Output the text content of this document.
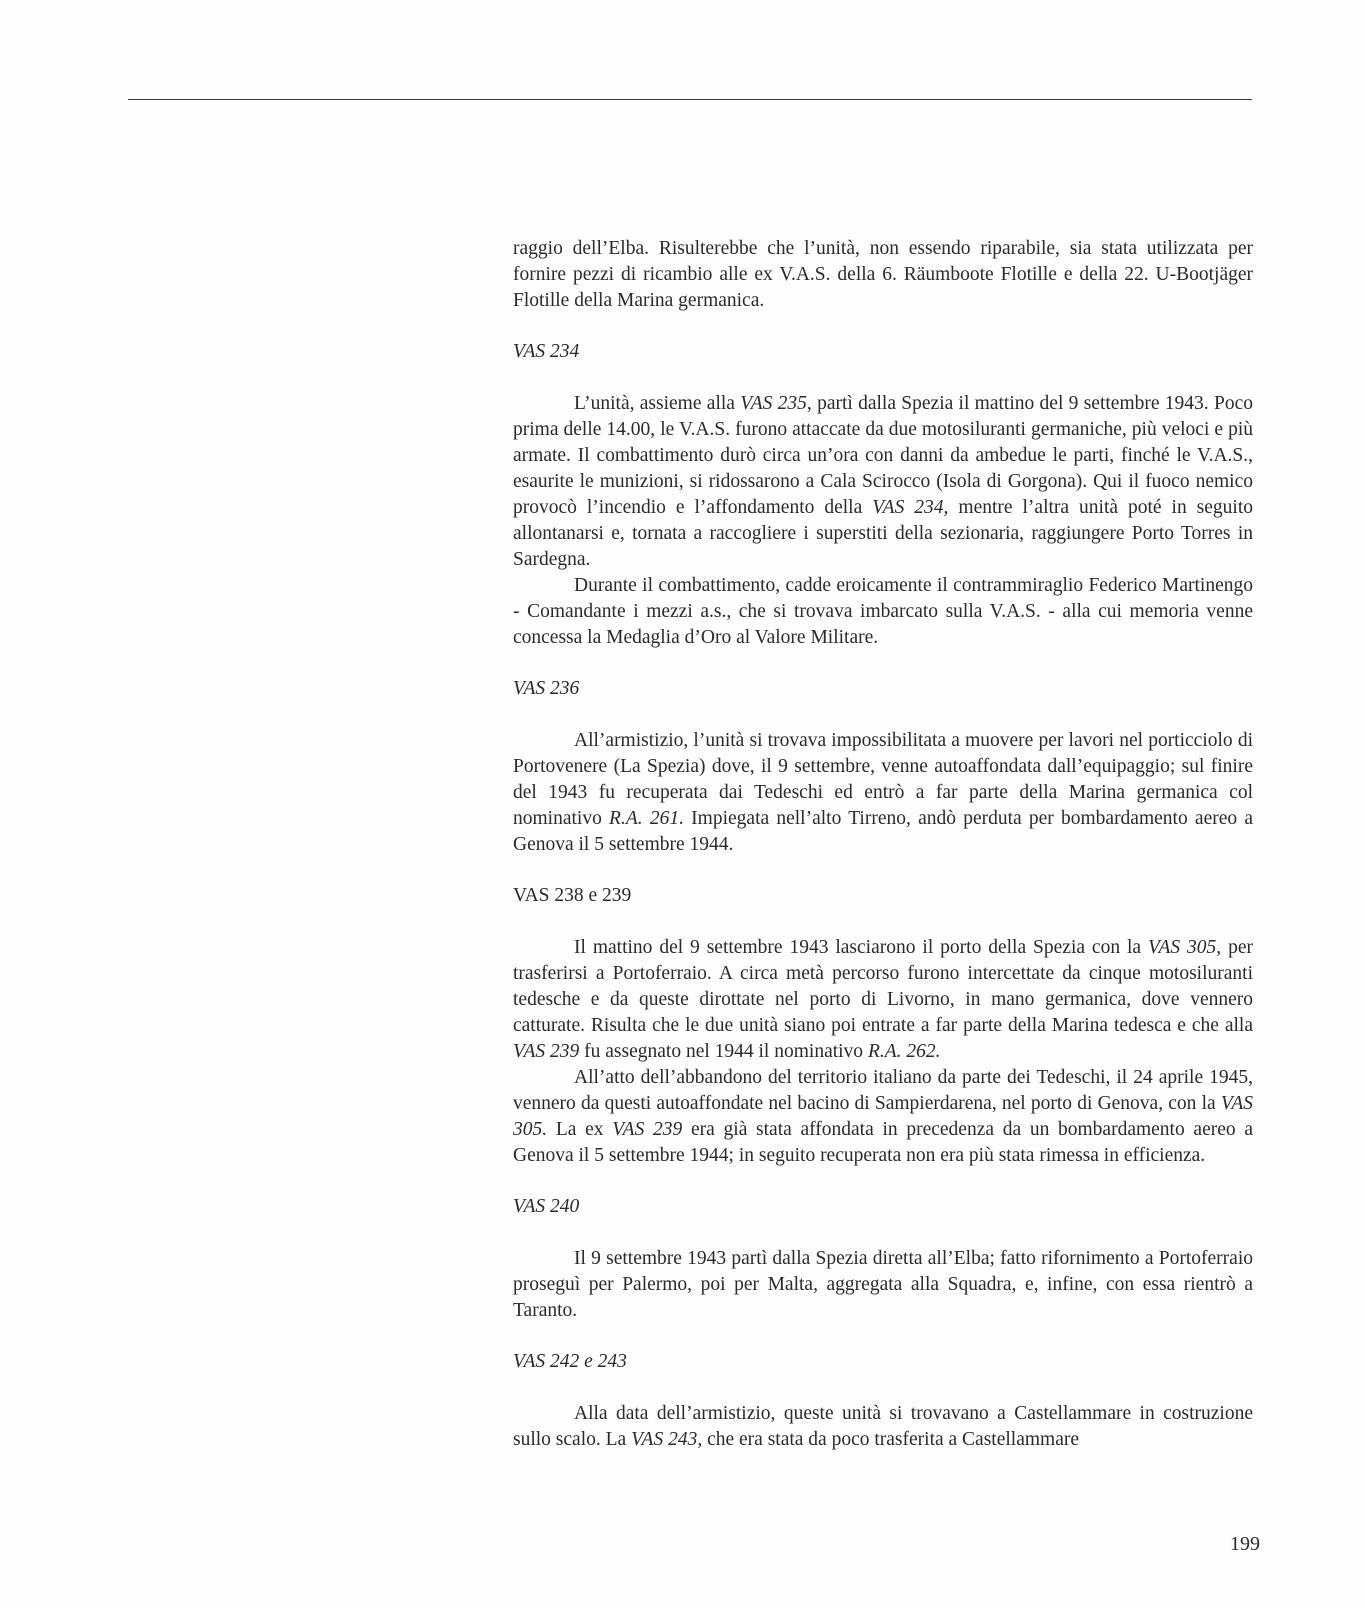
raggio dell’Elba. Risulterebbe che l’unità, non essendo riparabile, sia stata utilizzata per fornire pezzi di ricambio alle ex V.A.S. della 6. Räumboote Flotille e della 22. U-Bootjäger Flotille della Marina germanica.

VAS 234

L’unità, assieme alla VAS 235, partì dalla Spezia il mattino del 9 settembre 1943. Poco prima delle 14.00, le V.A.S. furono attaccate da due motosiluranti germaniche, più veloci e più armate. Il combattimento durò circa un’ora con danni da ambedue le parti, finché le V.A.S., esaurite le munizioni, si ridossarono a Cala Scirocco (Isola di Gorgona). Qui il fuoco nemico provocò l’incendio e l’affondamento della VAS 234, mentre l’altra unità poté in seguito allontanarsi e, tornata a raccogliere i superstiti della sezionaria, raggiungere Porto Torres in Sardegna.

Durante il combattimento, cadde eroicamente il contrammiraglio Federico Martinengo - Comandante i mezzi a.s., che si trovava imbarcato sulla V.A.S. - alla cui memoria venne concessa la Medaglia d’Oro al Valore Militare.

VAS 236

All’armistizio, l’unità si trovava impossibilitata a muovere per lavori nel porticciolo di Portovenere (La Spezia) dove, il 9 settembre, venne autoaffondata dall’equipaggio; sul finire del 1943 fu recuperata dai Tedeschi ed entrò a far parte della Marina germanica col nominativo R.A. 261. Impiegata nell’alto Tirreno, andò perduta per bombardamento aereo a Genova il 5 settembre 1944.

VAS 238 e 239

Il mattino del 9 settembre 1943 lasciarono il porto della Spezia con la VAS 305, per trasferirsi a Portoferraio. A circa metà percorso furono intercettate da cinque motosiluranti tedesche e da queste dirottate nel porto di Livorno, in mano germanica, dove vennero catturate. Risulta che le due unità siano poi entrate a far parte della Marina tedesca e che alla VAS 239 fu assegnato nel 1944 il nominativo R.A. 262.

All’atto dell’abbandono del territorio italiano da parte dei Tedeschi, il 24 aprile 1945, vennero da questi autoaffondate nel bacino di Sampierdarena, nel porto di Genova, con la VAS 305. La ex VAS 239 era già stata affondata in precedenza da un bombardamento aereo a Genova il 5 settembre 1944; in seguito recuperata non era più stata rimessa in efficienza.

VAS 240

Il 9 settembre 1943 partì dalla Spezia diretta all’Elba; fatto rifornimento a Portoferraio proseguì per Palermo, poi per Malta, aggregata alla Squadra, e, infine, con essa rientrò a Taranto.

VAS 242 e 243

Alla data dell’armistizio, queste unità si trovavano a Castellammare in costruzione sullo scalo. La VAS 243, che era stata da poco trasferita a Castellammare

199
